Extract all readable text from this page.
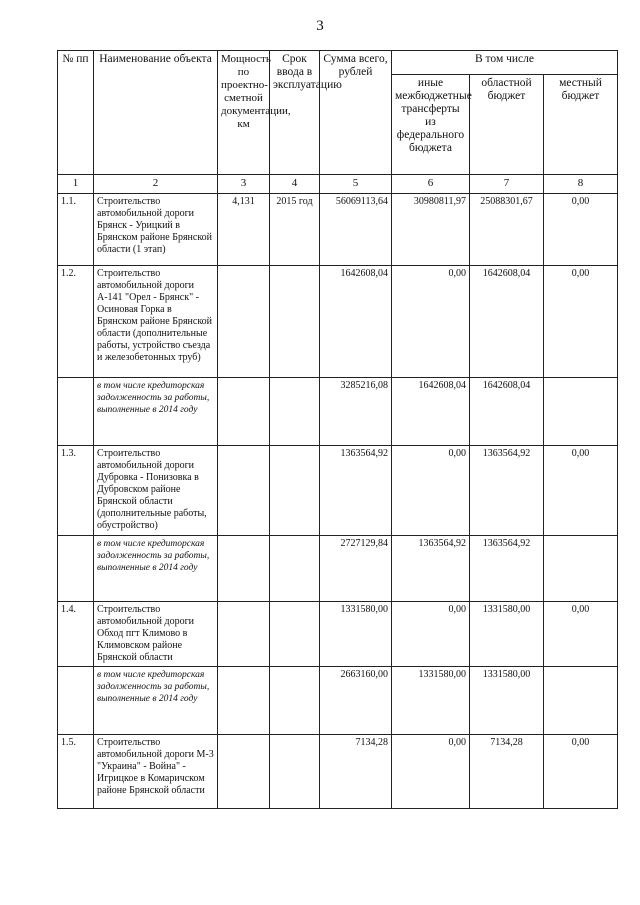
3
№ пп	Наименование объекта	Мощность по проектно-сметной документации, км	Срок ввода в эксплуатацию	Сумма всего, рублей	В том числе		
					иные межбюджетные трансферты из федерального бюджета	областной бюджет	местный бюджет
1	2	3	4	5	6	7	8
1.1.	Строительство автомобильной дороги Брянск - Урицкий в Брянском районе Брянской области (1 этап)	4,131	2015 год	56069113,64	30980811,97	25088301,67	0,00
1.2.	Строительство автомобильной дороги А-141 "Орел - Брянск" - Осиновая Горка в Брянском районе Брянской области (дополнительные работы, устройство съезда и железобетонных труб)			1642608,04	0,00	1642608,04	0,00
	в том числе кредиторская задолженность за работы, выполненные в 2014 году			3285216,08	1642608,04	1642608,04	
1.3.	Строительство автомобильной дороги Дубровка - Понизовка в Дубровском районе Брянской области (дополнительные работы, обустройство)			1363564,92	0,00	1363564,92	0,00
	в том числе кредиторская задолженность за работы, выполненные в 2014 году			2727129,84	1363564,92	1363564,92	
1.4.	Строительство автомобильной дороги Обход пгт Климово в Климовском районе Брянской области			1331580,00	0,00	1331580,00	0,00
	в том числе кредиторская задолженность за работы, выполненные в 2014 году			2663160,00	1331580,00	1331580,00	
1.5.	Строительство автомобильной дороги М-3 "Украина" - Война" - Игрицкое в Комаричском районе Брянской области			7134,28	0,00	7134,28	0,00
